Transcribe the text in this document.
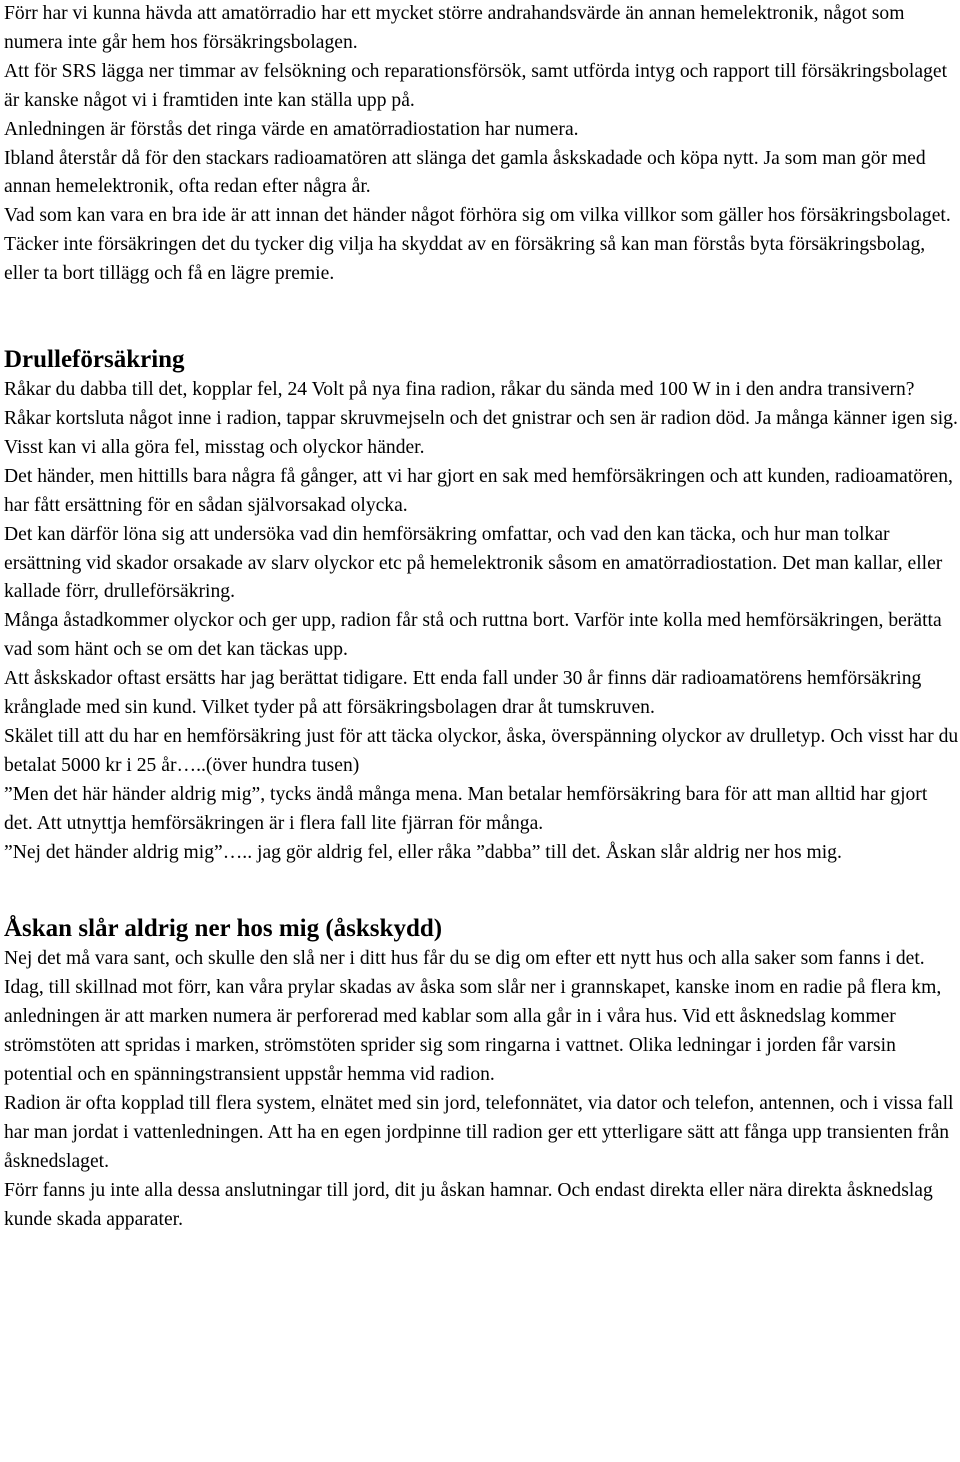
Förr har vi kunna hävda att amatörradio har ett mycket större andrahandsvärde än annan hemelektronik, något som numera inte går hem hos försäkringsbolagen.

Att för SRS lägga ner timmar av felsökning och reparationsförsök, samt utförda intyg och rapport till försäkringsbolaget är kanske något vi i framtiden inte kan ställa upp på.

Anledningen är förstås det ringa värde en amatörradiostation har numera.

Ibland återstår då för den stackars radioamatören att slänga det gamla åskskadade och köpa nytt. Ja som man gör med annan hemelektronik, ofta redan efter några år.

Vad som kan vara en bra ide är att innan det händer något förhöra sig om vilka villkor som gäller hos försäkringsbolaget. Täcker inte försäkringen det du tycker dig vilja ha skyddat av en försäkring så kan man förstås byta försäkringsbolag, eller ta bort tillägg och få en lägre premie.

Drulleförsäkring

Råkar du dabba till det, kopplar fel, 24 Volt på nya fina radion, råkar du sända med 100 W in i den andra transivern? Råkar kortsluta något inne i radion, tappar skruvmejseln och det gnistrar och sen är radion död. Ja många känner igen sig. Visst kan vi alla göra fel, misstag och olyckor händer.

Det händer, men hittills bara några få gånger, att vi har gjort en sak med hemförsäkringen och att kunden, radioamatören, har fått ersättning för en sådan självorsakad olycka.

Det kan därför löna sig att undersöka vad din hemförsäkring omfattar, och vad den kan täcka, och hur man tolkar ersättning vid skador orsakade av slarv olyckor etc på hemelektronik såsom en amatörradiostation. Det man kallar, eller kallade förr, drulleförsäkring.

Många åstadkommer olyckor och ger upp, radion får stå och ruttna bort. Varför inte kolla med hemförsäkringen, berätta vad som hänt och se om det kan täckas upp.

Att åskskador oftast ersätts har jag berättat tidigare. Ett enda fall under 30 år finns där radioamatörens hemförsäkring krånglade med sin kund. Vilket tyder på att försäkringsbolagen drar åt tumskruven.

Skälet till att du har en hemförsäkring just för att täcka olyckor, åska, överspänning olyckor av drulletyp. Och visst har du betalat 5000 kr i 25 år…..(över hundra tusen)

”Men det här händer aldrig mig”, tycks ändå många mena. Man betalar hemförsäkring bara för att man alltid har gjort det. Att utnyttja hemförsäkringen är i flera fall lite fjärran för många.

”Nej det händer aldrig mig”….. jag gör aldrig fel, eller råka ”dabba” till det. Åskan slår aldrig ner hos mig.

Åskan slår aldrig ner hos mig (åskskydd)

Nej det må vara sant, och skulle den slå ner i ditt hus får du se dig om efter ett nytt hus och alla saker som fanns i det.

Idag, till skillnad mot förr, kan våra prylar skadas av åska som slår ner i grannskapet, kanske inom en radie på flera km, anledningen är att marken numera är perforerad med kablar som alla går in i våra hus. Vid ett åsknedslag kommer strömstöten att spridas i marken, strömstöten sprider sig som ringarna i vattnet. Olika ledningar i jorden får varsin potential och en spänningstransient uppstår hemma vid radion.

Radion är ofta kopplad till flera system, elnätet med sin jord, telefonnätet, via dator och telefon, antennen, och i vissa fall har man jordat i vattenledningen. Att ha en egen jordpinne till radion ger ett ytterligare sätt att fånga upp transienten från åsknedslaget.

Förr fanns ju inte alla dessa anslutningar till jord, dit ju åskan hamnar. Och endast direkta eller nära direkta åsknedslag kunde skada apparater.
